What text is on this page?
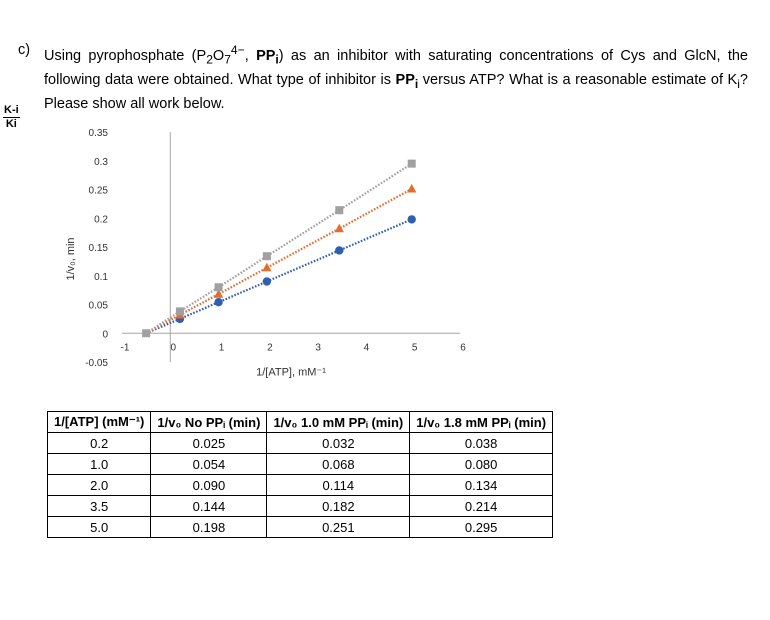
c) Using pyrophosphate ($P_2O_7^{4-}$, $PP_i$) as an inhibitor with saturating concentrations of Cys and GlcN, the following data were obtained. What type of inhibitor is $PP_i$ versus ATP? What is a reasonable estimate of $K_i$? Please show all work below.
$\frac{K-i}{Ki}$
-1	0	1	2	3	4	5	6
-0.05
0
0.05
0.1
0.15
0.2
0.25
0.3
0.35
1/[ATP], mM⁻¹
1/v₀, min
1/[ATP] (mM⁻¹)	1/v₀ No PPᵢ (min)	1/v₀ 1.0 mM PPᵢ (min)	1/v₀ 1.8 mM PPᵢ (min)
0.2	0.025	0.032	0.038
1.0	0.054	0.068	0.080
2.0	0.090	0.114	0.134
3.5	0.144	0.182	0.214
5.0	0.198	0.251	0.295
